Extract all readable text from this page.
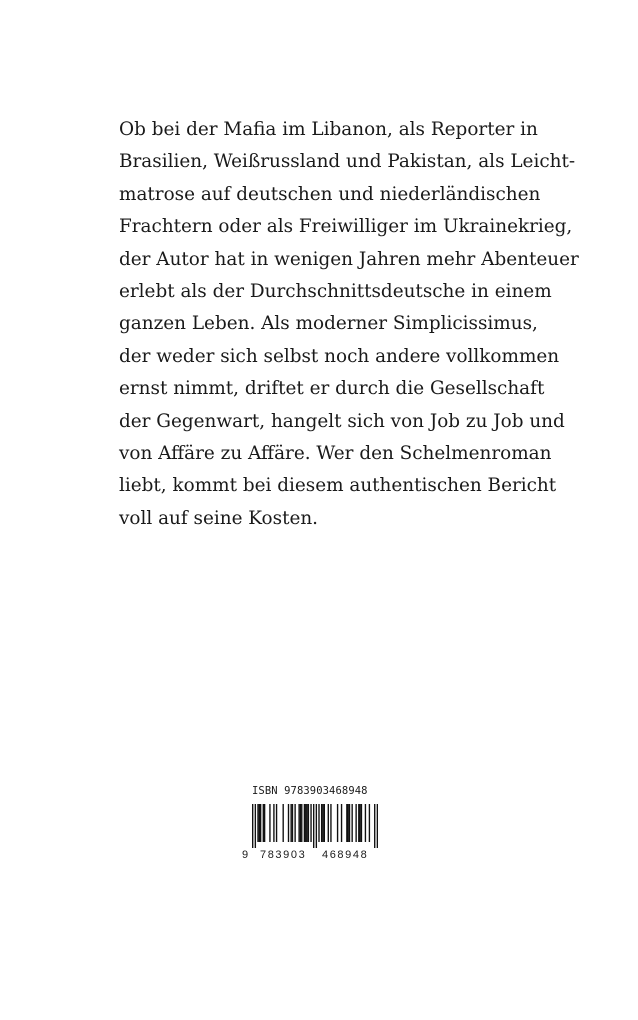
Ob bei der Mafia im Libanon, als Reporter in
Brasilien, Weißrussland und Pakistan, als Leicht-
matrose auf deutschen und niederländischen
Frachtern oder als Freiwilliger im Ukrainekrieg,
der Autor hat in wenigen Jahren mehr Abenteuer
erlebt als der Durchschnittsdeutsche in einem
ganzen Leben. Als moderner Simplicissimus,
der weder sich selbst noch andere vollkommen
ernst nimmt, driftet er durch die Gesellschaft
der Gegenwart, hangelt sich von Job zu Job und
von Affäre zu Affäre. Wer den Schelmenroman
liebt, kommt bei diesem authentischen Bericht
voll auf seine Kosten.
ISBN 9783903468948
9 783903 468948
